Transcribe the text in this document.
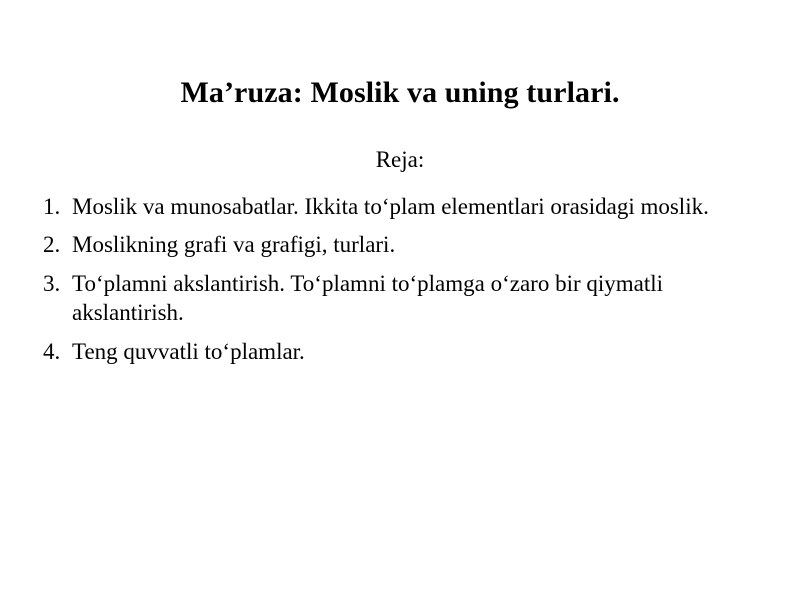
Ma’ruza: Moslik va uning turlari.
Reja:
1. Moslik va munosabatlar. Ikkita to‘plam elementlari orasidagi moslik.
2. Moslikning grafi va grafigi, turlari.
3. To‘plamni akslantirish. To‘plamni to‘plamga o‘zaro bir qiymatli akslantirish.
4. Teng quvvatli to‘plamlar.
